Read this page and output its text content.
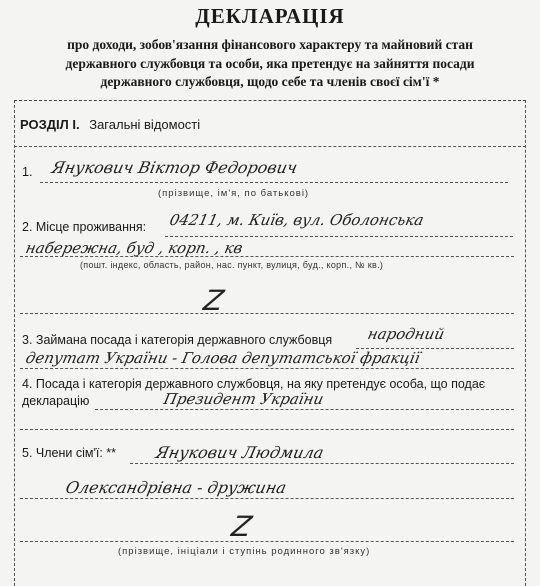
ДЕКЛАРАЦІЯ
про доходи, зобов'язання фінансового характеру та майновий стан
державного службовця та особи, яка претендує на зайняття посади
державного службовця, щодо себе та членів своєї сім'ї *
РОЗДІЛ І. Загальні відомості
1. Янукович Віктор Федорович
(прізвище, ім'я, по батькові)
2. Місце проживання: 04211, м. Київ, вул. Оболонська
набережна, буд , корп. , кв
(пошт. індекс, область, район, нас. пункт, вулиця, буд., корп., № кв.)
Z
3. Займана посада і категорія державного службовця народний
депутат України - Голова депутатської фракції
4. Посада і категорія державного службовця, на яку претендує особа, що подає
декларацію	Президент України
5. Члени сім'ї: ** Янукович Людмила
Олександрівна - дружина
Z
(прізвище, ініціали і ступінь родинного зв'язку)
